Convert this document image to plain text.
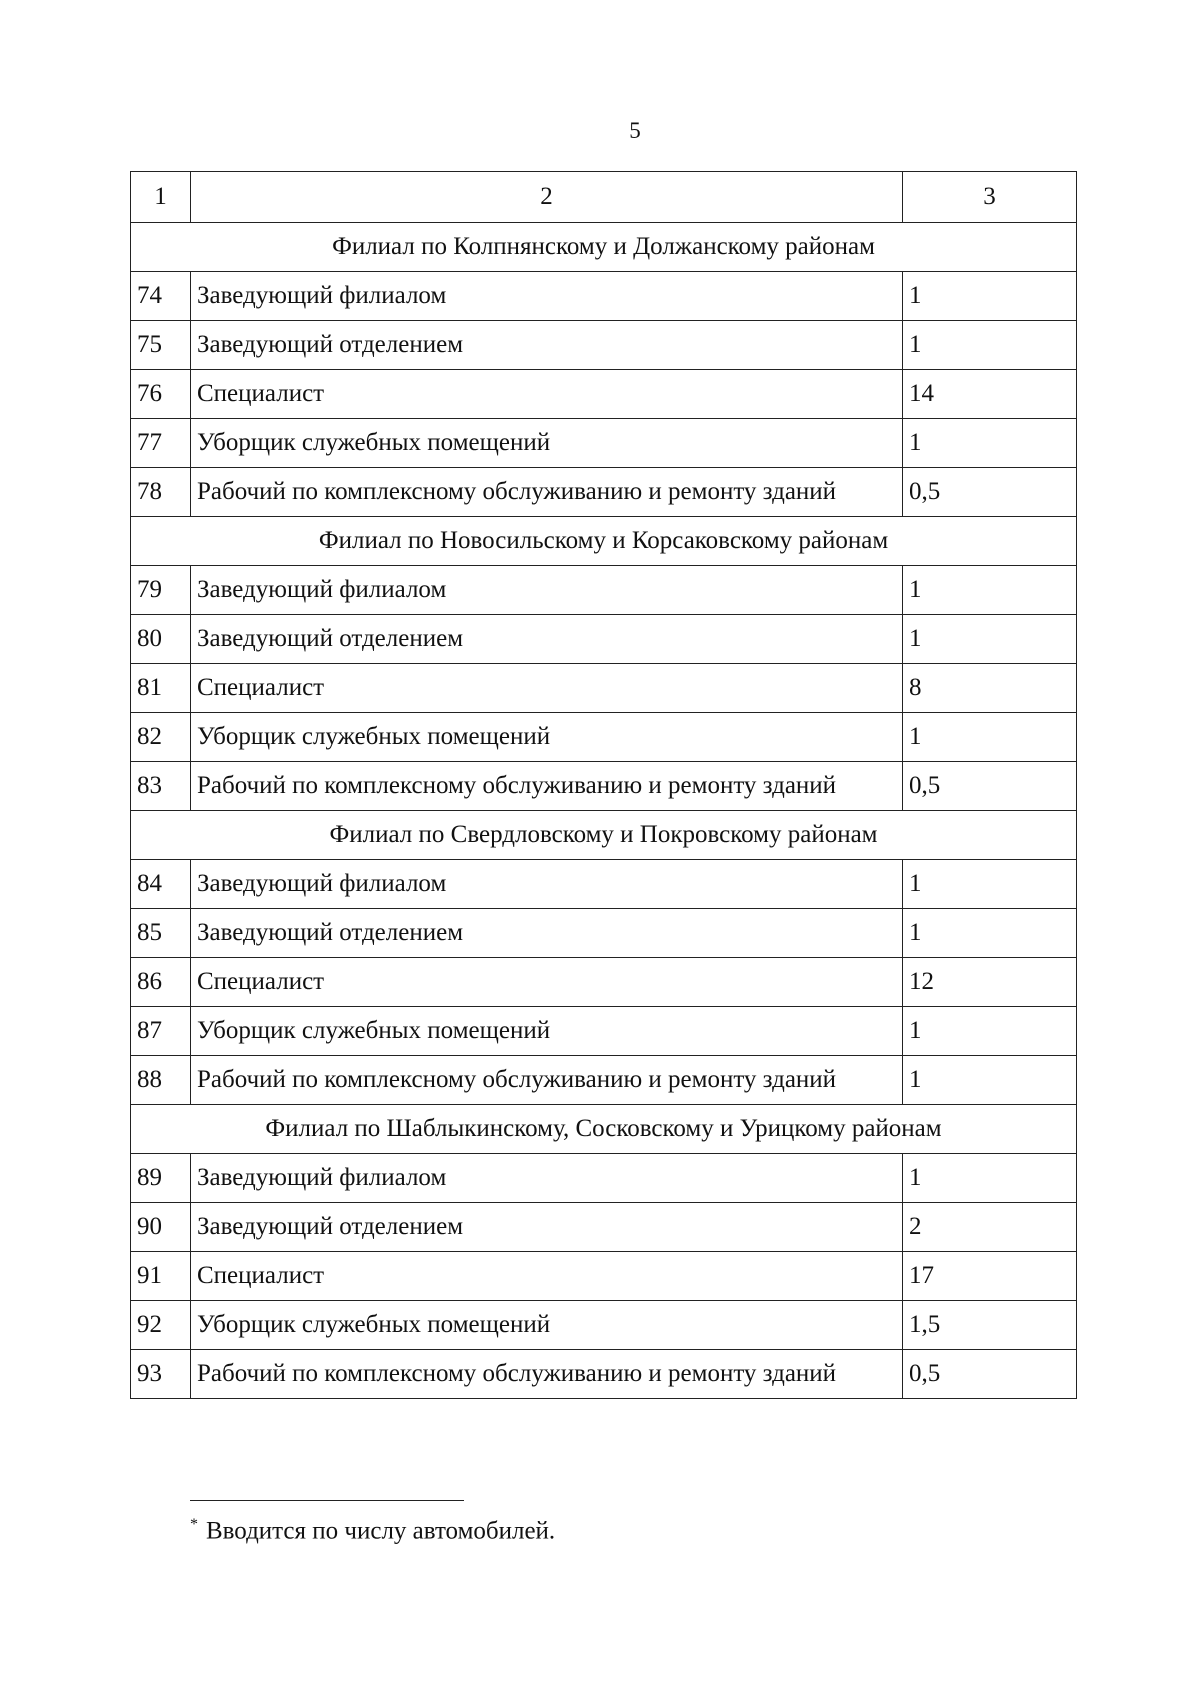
5
1	2	3
Филиал по Колпнянскому и Должанскому районам		
74	Заведующий филиалом	1
75	Заведующий отделением	1
76	Специалист	14
77	Уборщик служебных помещений	1
78	Рабочий по комплексному обслуживанию и ремонту зданий	0,5
Филиал по Новосильскому и Корсаковскому районам		
79	Заведующий филиалом	1
80	Заведующий отделением	1
81	Специалист	8
82	Уборщик служебных помещений	1
83	Рабочий по комплексному обслуживанию и ремонту зданий	0,5
Филиал по Свердловскому и Покровскому районам		
84	Заведующий филиалом	1
85	Заведующий отделением	1
86	Специалист	12
87	Уборщик служебных помещений	1
88	Рабочий по комплексному обслуживанию и ремонту зданий	1
Филиал по Шаблыкинскому, Сосковскому и Урицкому районам		
89	Заведующий филиалом	1
90	Заведующий отделением	2
91	Специалист	17
92	Уборщик служебных помещений	1,5
93	Рабочий по комплексному обслуживанию и ремонту зданий	0,5
* Вводится по числу автомобилей.
